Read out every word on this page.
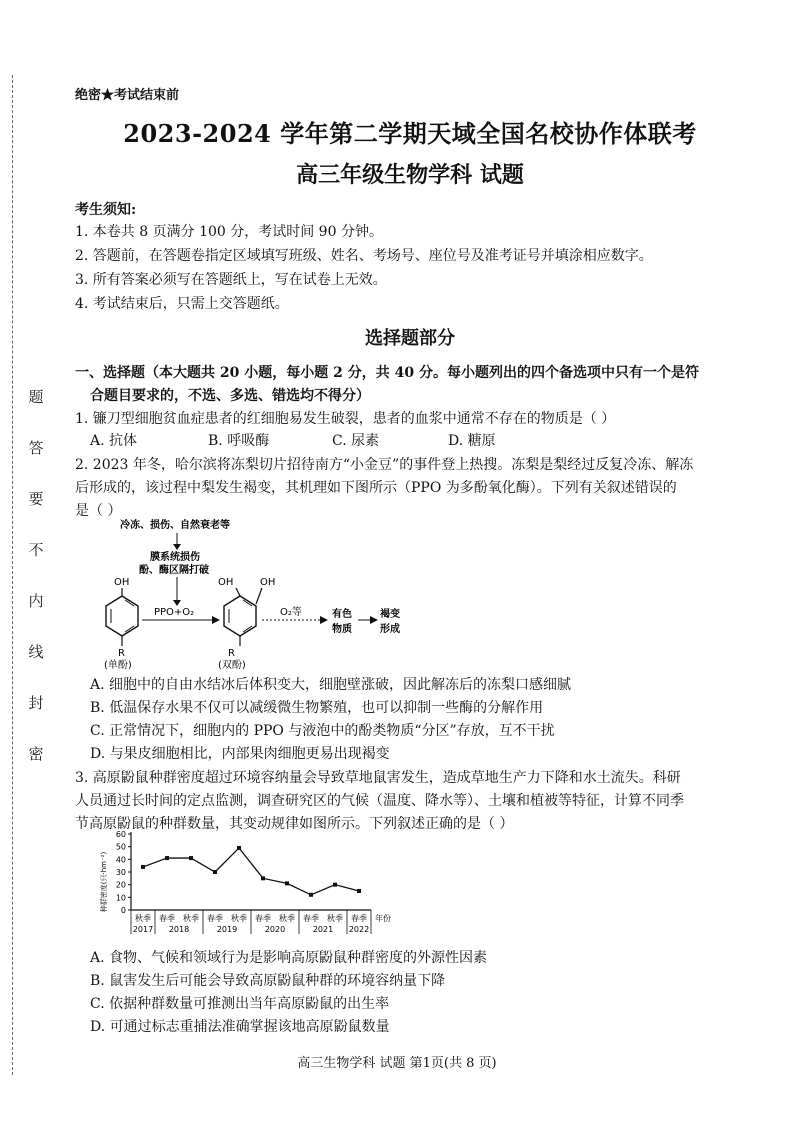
题
答
要
不
内
线
封
密
绝密★考试结束前
2023-2024 学年第二学期天域全国名校协作体联考
高三年级生物学科 试题
考生须知:
1. 本卷共 8 页满分 100 分，考试时间 90 分钟。
2. 答题前，在答题卷指定区域填写班级、姓名、考场号、座位号及准考证号并填涂相应数字。
3. 所有答案必须写在答题纸上，写在试卷上无效。
4. 考试结束后，只需上交答题纸。
选择题部分
一、选择题（本大题共 20 小题，每小题 2 分，共 40 分。每小题列出的四个备选项中只有一个是符
合题目要求的，不选、多选、错选均不得分）
1. 镰刀型细胞贫血症患者的红细胞易发生破裂，患者的血浆中通常不存在的物质是（ ）
A. 抗体	B. 呼吸酶	C. 尿素	D. 糖原
2. 2023 年冬，哈尔滨将冻梨切片招待南方“小金豆”的事件登上热搜。冻梨是梨经过反复冷冻、解冻
后形成的，该过程中梨发生褐变，其机理如下图所示（PPO 为多酚氧化酶）。下列有关叙述错误的
是（ ）
冷冻、损伤、自然衰老等
膜系统损伤
酚、酶区隔打破
OH
R
(单酚)
PPO+O₂
OH	OH
R
(双酚)
O₂等	有色
物质
褐变
形成
A. 细胞中的自由水结冰后体积变大，细胞壁涨破，因此解冻后的冻梨口感细腻
B. 低温保存水果不仅可以减缓微生物繁殖，也可以抑制一些酶的分解作用
C. 正常情况下，细胞内的 PPO 与液泡中的酚类物质“分区”存放，互不干扰
D. 与果皮细胞相比，内部果肉细胞更易出现褐变
3. 高原鼢鼠种群密度超过环境容纳量会导致草地鼠害发生，造成草地生产力下降和水土流失。科研
人员通过长时间的定点监测，调查研究区的气候（温度、降水等）、土壤和植被等特征，计算不同季
节高原鼢鼠的种群数量，其变动规律如图所示。下列叙述正确的是（ ）
0
10
20
30
40
50
60
种群密度(只·hm⁻²)
秋季 春季 秋季 春季 秋季 春季 秋季 春季 秋季 春季
2017 2018	2019	2020	2021 2022
年份
A. 食物、气候和领域行为是影响高原鼢鼠种群密度的外源性因素
B. 鼠害发生后可能会导致高原鼢鼠种群的环境容纳量下降
C. 依据种群数量可推测出当年高原鼢鼠的出生率
D. 可通过标志重捕法准确掌握该地高原鼢鼠数量
高三生物学科 试题 第1页(共 8 页)
